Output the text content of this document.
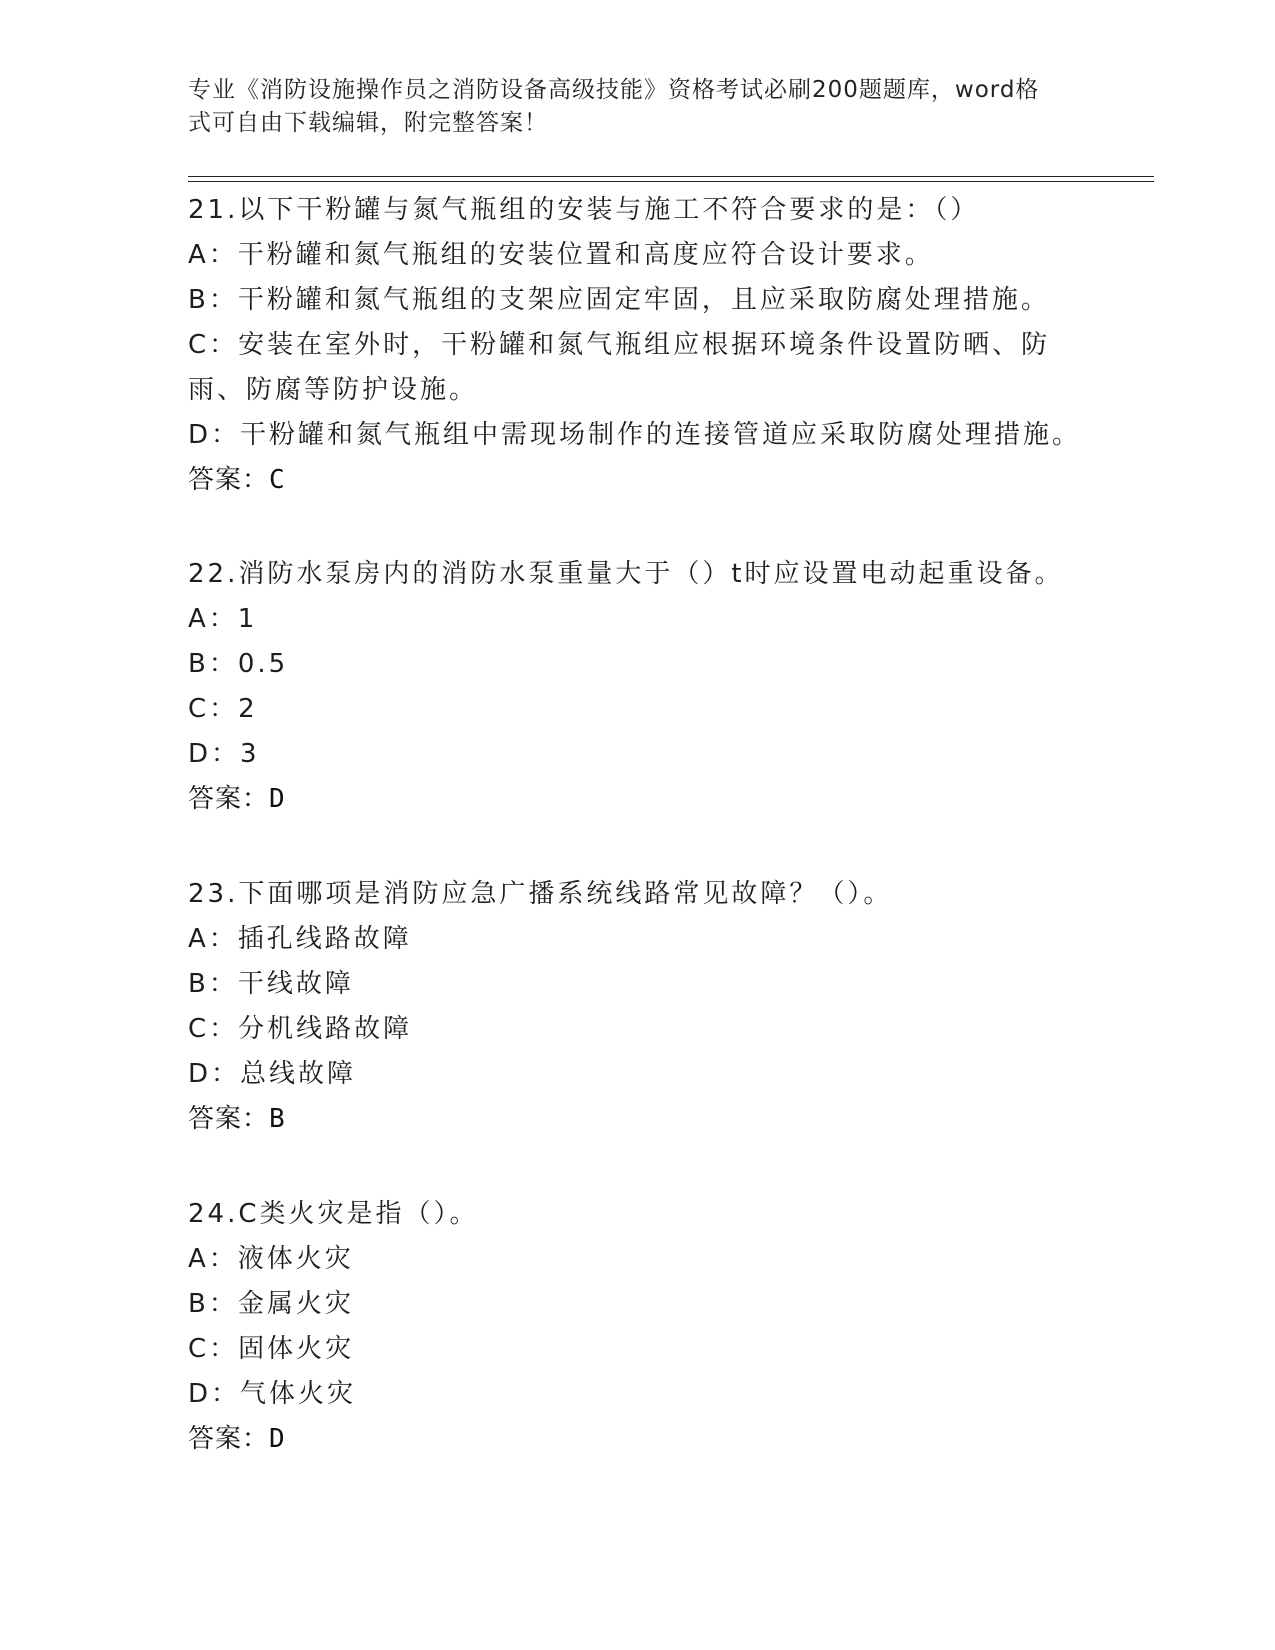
专业《消防设施操作员之消防设备高级技能》资格考试必刷200题题库，word格
式可自由下载编辑，附完整答案！
21.以下干粉罐与氮气瓶组的安装与施工不符合要求的是：（）
A：干粉罐和氮气瓶组的安装位置和高度应符合设计要求。
B：干粉罐和氮气瓶组的支架应固定牢固，且应采取防腐处理措施。
C：安装在室外时，干粉罐和氮气瓶组应根据环境条件设置防晒、防雨、防腐等防护设施。
D：干粉罐和氮气瓶组中需现场制作的连接管道应采取防腐处理措施。
答案：C
22.消防水泵房内的消防水泵重量大于（）t时应设置电动起重设备。
A：1
B：0.5
C：2
D：3
答案：D
23.下面哪项是消防应急广播系统线路常见故障？（）。
A：插孔线路故障
B：干线故障
C：分机线路故障
D：总线故障
答案：B
24.C类火灾是指（）。
A：液体火灾
B：金属火灾
C：固体火灾
D：气体火灾
答案：D
